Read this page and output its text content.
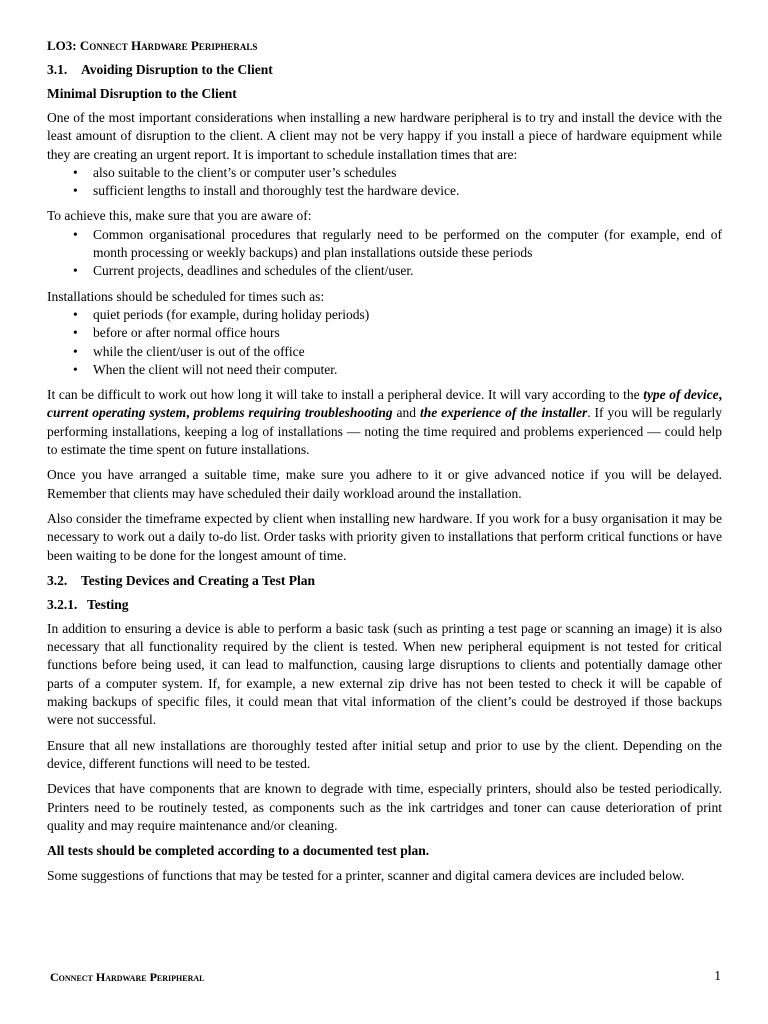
LO3: Connect Hardware Peripherals
3.1. Avoiding Disruption to the Client
Minimal Disruption to the Client

One of the most important considerations when installing a new hardware peripheral is to try and install the device with the least amount of disruption to the client. A client may not be very happy if you install a piece of hardware equipment while they are creating an urgent report. It is important to schedule installation times that are:

• also suitable to the client’s or computer user’s schedules
• sufficient lengths to install and thoroughly test the hardware device.

To achieve this, make sure that you are aware of:

• Common organisational procedures that regularly need to be performed on the computer (for example, end of month processing or weekly backups) and plan installations outside these periods
• Current projects, deadlines and schedules of the client/user.

Installations should be scheduled for times such as:

• quiet periods (for example, during holiday periods)
• before or after normal office hours
• while the client/user is out of the office
• When the client will not need their computer.

It can be difficult to work out how long it will take to install a peripheral device. It will vary according to the type of device, current operating system, problems requiring troubleshooting and the experience of the installer. If you will be regularly performing installations, keeping a log of installations — noting the time required and problems experienced — could help to estimate the time spent on future installations.

Once you have arranged a suitable time, make sure you adhere to it or give advanced notice if you will be delayed. Remember that clients may have scheduled their daily workload around the installation.

Also consider the timeframe expected by client when installing new hardware. If you work for a busy organisation it may be necessary to work out a daily to-do list. Order tasks with priority given to installations that perform critical functions or have been waiting to be done for the longest amount of time.

3.2. Testing Devices and Creating a Test Plan
3.2.1. Testing

In addition to ensuring a device is able to perform a basic task (such as printing a test page or scanning an image) it is also necessary that all functionality required by the client is tested. When new peripheral equipment is not tested for critical functions before being used, it can lead to malfunction, causing large disruptions to clients and potentially damage other parts of a computer system. If, for example, a new external zip drive has not been tested to check it will be capable of making backups of specific files, it could mean that vital information of the client’s could be destroyed if those backups were not successful.

Ensure that all new installations are thoroughly tested after initial setup and prior to use by the client. Depending on the device, different functions will need to be tested.

Devices that have components that are known to degrade with time, especially printers, should also be tested periodically. Printers need to be routinely tested, as components such as the ink cartridges and toner can cause deterioration of print quality and may require maintenance and/or cleaning.

All tests should be completed according to a documented test plan.

Some suggestions of functions that may be tested for a printer, scanner and digital camera devices are included below.

Connect Hardware Peripheral	1
